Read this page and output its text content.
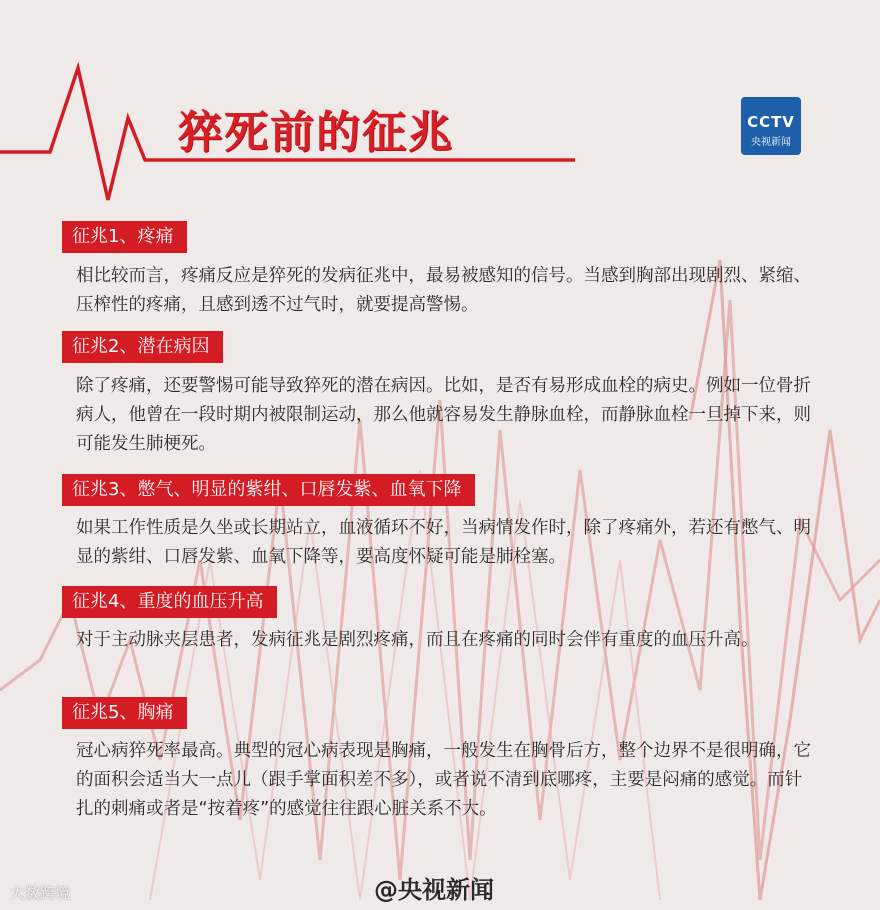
猝死前的征兆	CCTV
央视新闻
征兆1、疼痛
相比较而言，疼痛反应是猝死的发病征兆中，最易被感知的信号。当感到胸部出现剧烈、紧缩、压榨性的疼痛，且感到透不过气时，就要提高警惕。
征兆2、潜在病因
除了疼痛，还要警惕可能导致猝死的潜在病因。比如，是否有易形成血栓的病史。例如一位骨折病人，他曾在一段时期内被限制运动，那么他就容易发生静脉血栓，而静脉血栓一旦掉下来，则可能发生肺梗死。
征兆3、憋气、明显的紫绀、口唇发紫、血氧下降
如果工作性质是久坐或长期站立，血液循环不好，当病情发作时，除了疼痛外，若还有憋气、明显的紫绀、口唇发紫、血氧下降等，要高度怀疑可能是肺栓塞。
征兆4、重度的血压升高
对于主动脉夹层患者，发病征兆是剧烈疼痛，而且在疼痛的同时会伴有重度的血压升高。
征兆5、胸痛
冠心病猝死率最高。典型的冠心病表现是胸痛，一般发生在胸骨后方，整个边界不是很明确，它的面积会适当大一点儿（跟手掌面积差不多），或者说不清到底哪疼，主要是闷痛的感觉。而针扎的刺痛或者是“按着疼”的感觉往往跟心脏关系不大。
@央视新闻
大数跨境
